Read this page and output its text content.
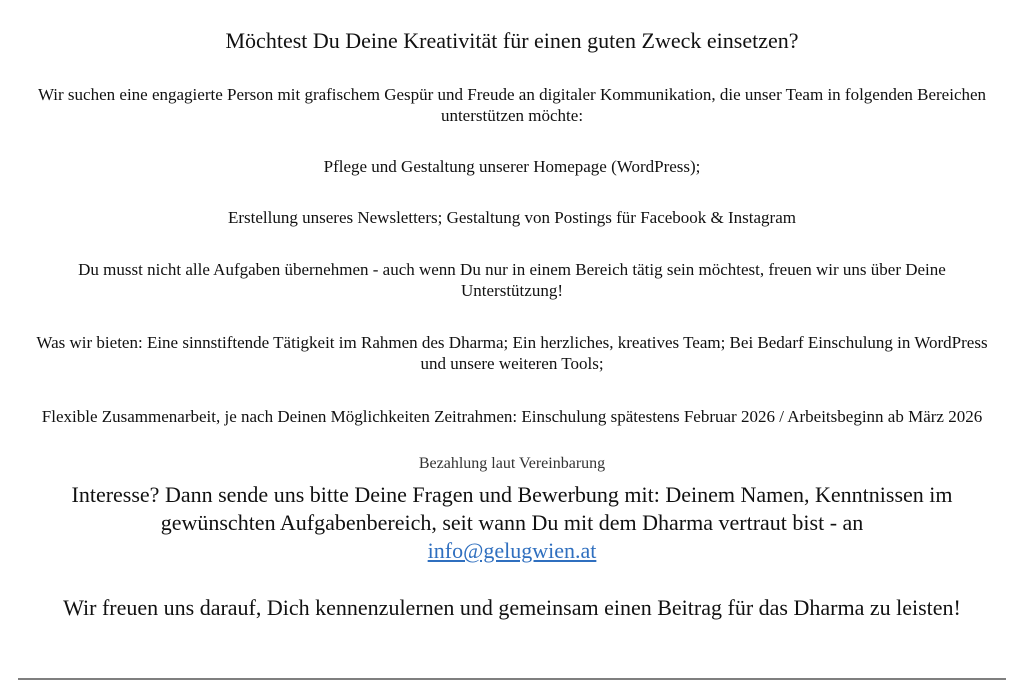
Möchtest Du Deine Kreativität für einen guten Zweck einsetzen?
Wir suchen eine engagierte Person mit grafischem Gespür und Freude an digitaler Kommunikation, die unser Team in folgenden Bereichen unterstützen möchte:
Pflege und Gestaltung unserer Homepage (WordPress);
Erstellung unseres Newsletters; Gestaltung von Postings für Facebook & Instagram
Du musst nicht alle Aufgaben übernehmen - auch wenn Du nur in einem Bereich tätig sein möchtest, freuen wir uns über Deine Unterstützung!
Was wir bieten: Eine sinnstiftende Tätigkeit im Rahmen des Dharma; Ein herzliches, kreatives Team; Bei Bedarf Einschulung in WordPress und unsere weiteren Tools;
Flexible Zusammenarbeit, je nach Deinen Möglichkeiten Zeitrahmen: Einschulung spätestens Februar 2026 / Arbeitsbeginn ab März 2026
Bezahlung laut Vereinbarung
Interesse? Dann sende uns bitte Deine Fragen und Bewerbung mit: Deinem Namen, Kenntnissen im gewünschten Aufgabenbereich, seit wann Du mit dem Dharma vertraut bist - an
info@gelugwien.at
Wir freuen uns darauf, Dich kennenzulernen und gemeinsam einen Beitrag für das Dharma zu leisten!
